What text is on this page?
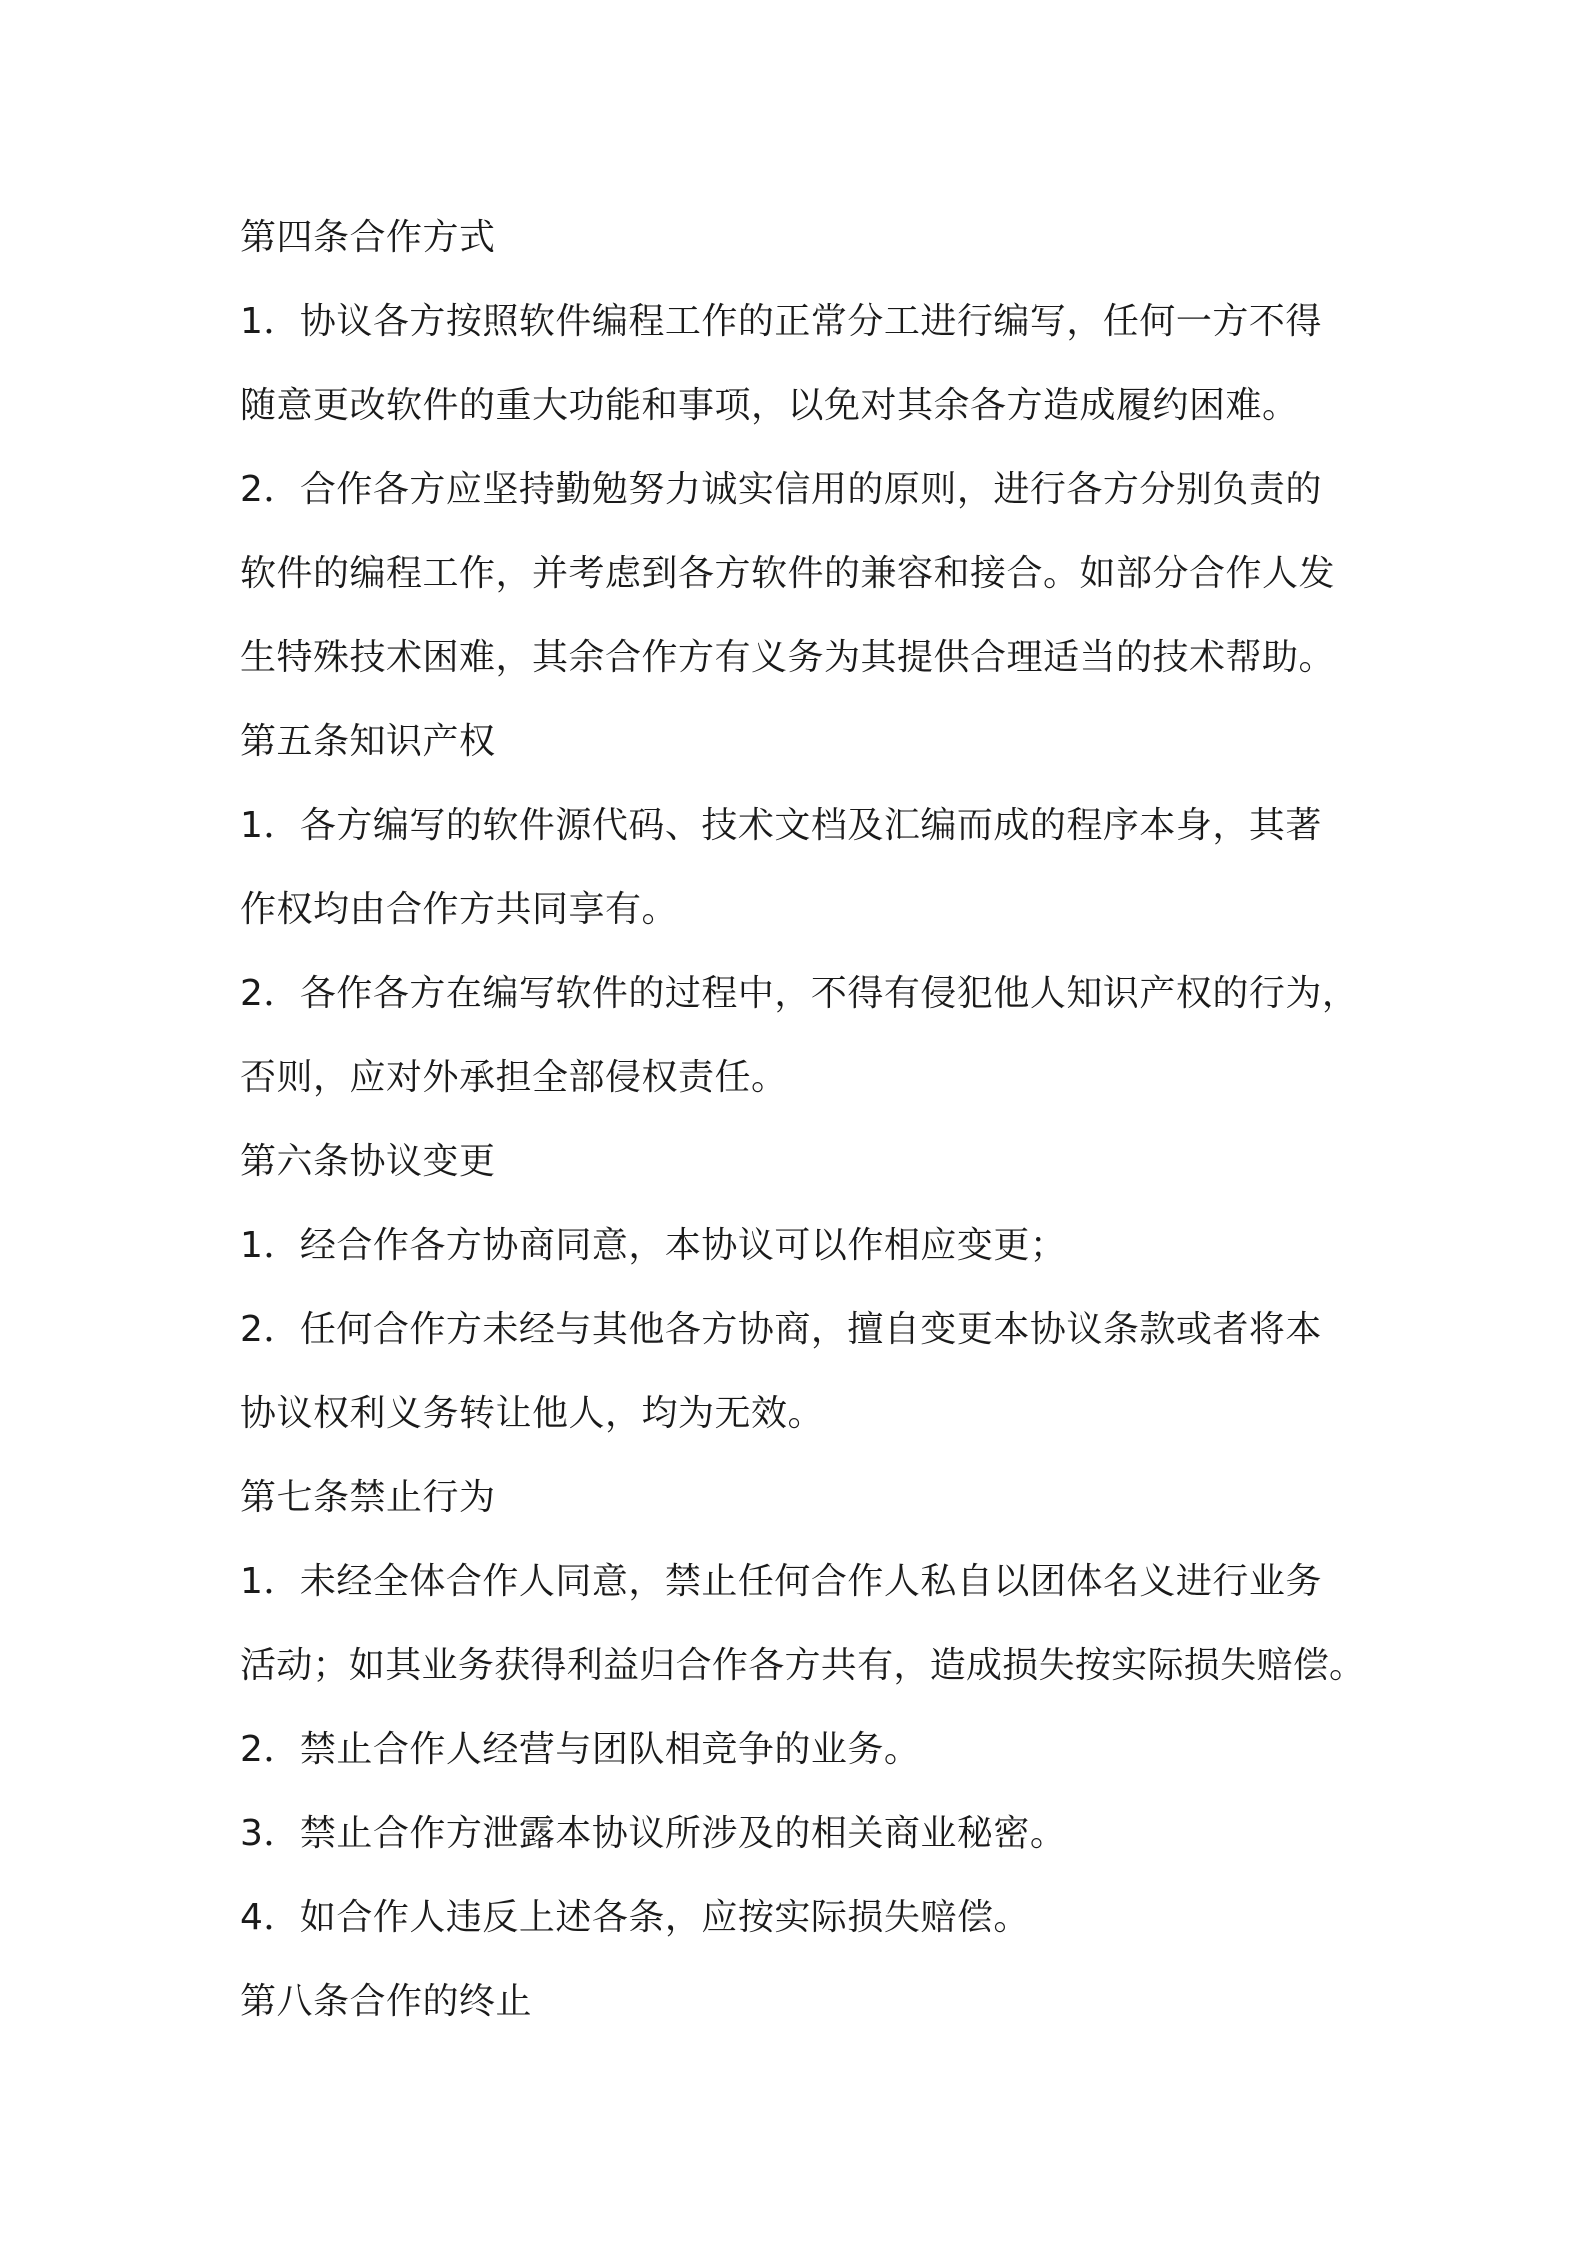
第四条合作方式
1．协议各方按照软件编程工作的正常分工进行编写，任何一方不得
随意更改软件的重大功能和事项，以免对其余各方造成履约困难。
2．合作各方应坚持勤勉努力诚实信用的原则，进行各方分别负责的
软件的编程工作，并考虑到各方软件的兼容和接合。如部分合作人发
生特殊技术困难，其余合作方有义务为其提供合理适当的技术帮助。
第五条知识产权
1．各方编写的软件源代码、技术文档及汇编而成的程序本身，其著
作权均由合作方共同享有。
2．各作各方在编写软件的过程中，不得有侵犯他人知识产权的行为，
否则，应对外承担全部侵权责任。
第六条协议变更
1．经合作各方协商同意，本协议可以作相应变更；
2．任何合作方未经与其他各方协商，擅自变更本协议条款或者将本
协议权利义务转让他人，均为无效。
第七条禁止行为
1．未经全体合作人同意，禁止任何合作人私自以团体名义进行业务
活动；如其业务获得利益归合作各方共有，造成损失按实际损失赔偿。
2．禁止合作人经营与团队相竞争的业务。
3．禁止合作方泄露本协议所涉及的相关商业秘密。
4．如合作人违反上述各条，应按实际损失赔偿。
第八条合作的终止
